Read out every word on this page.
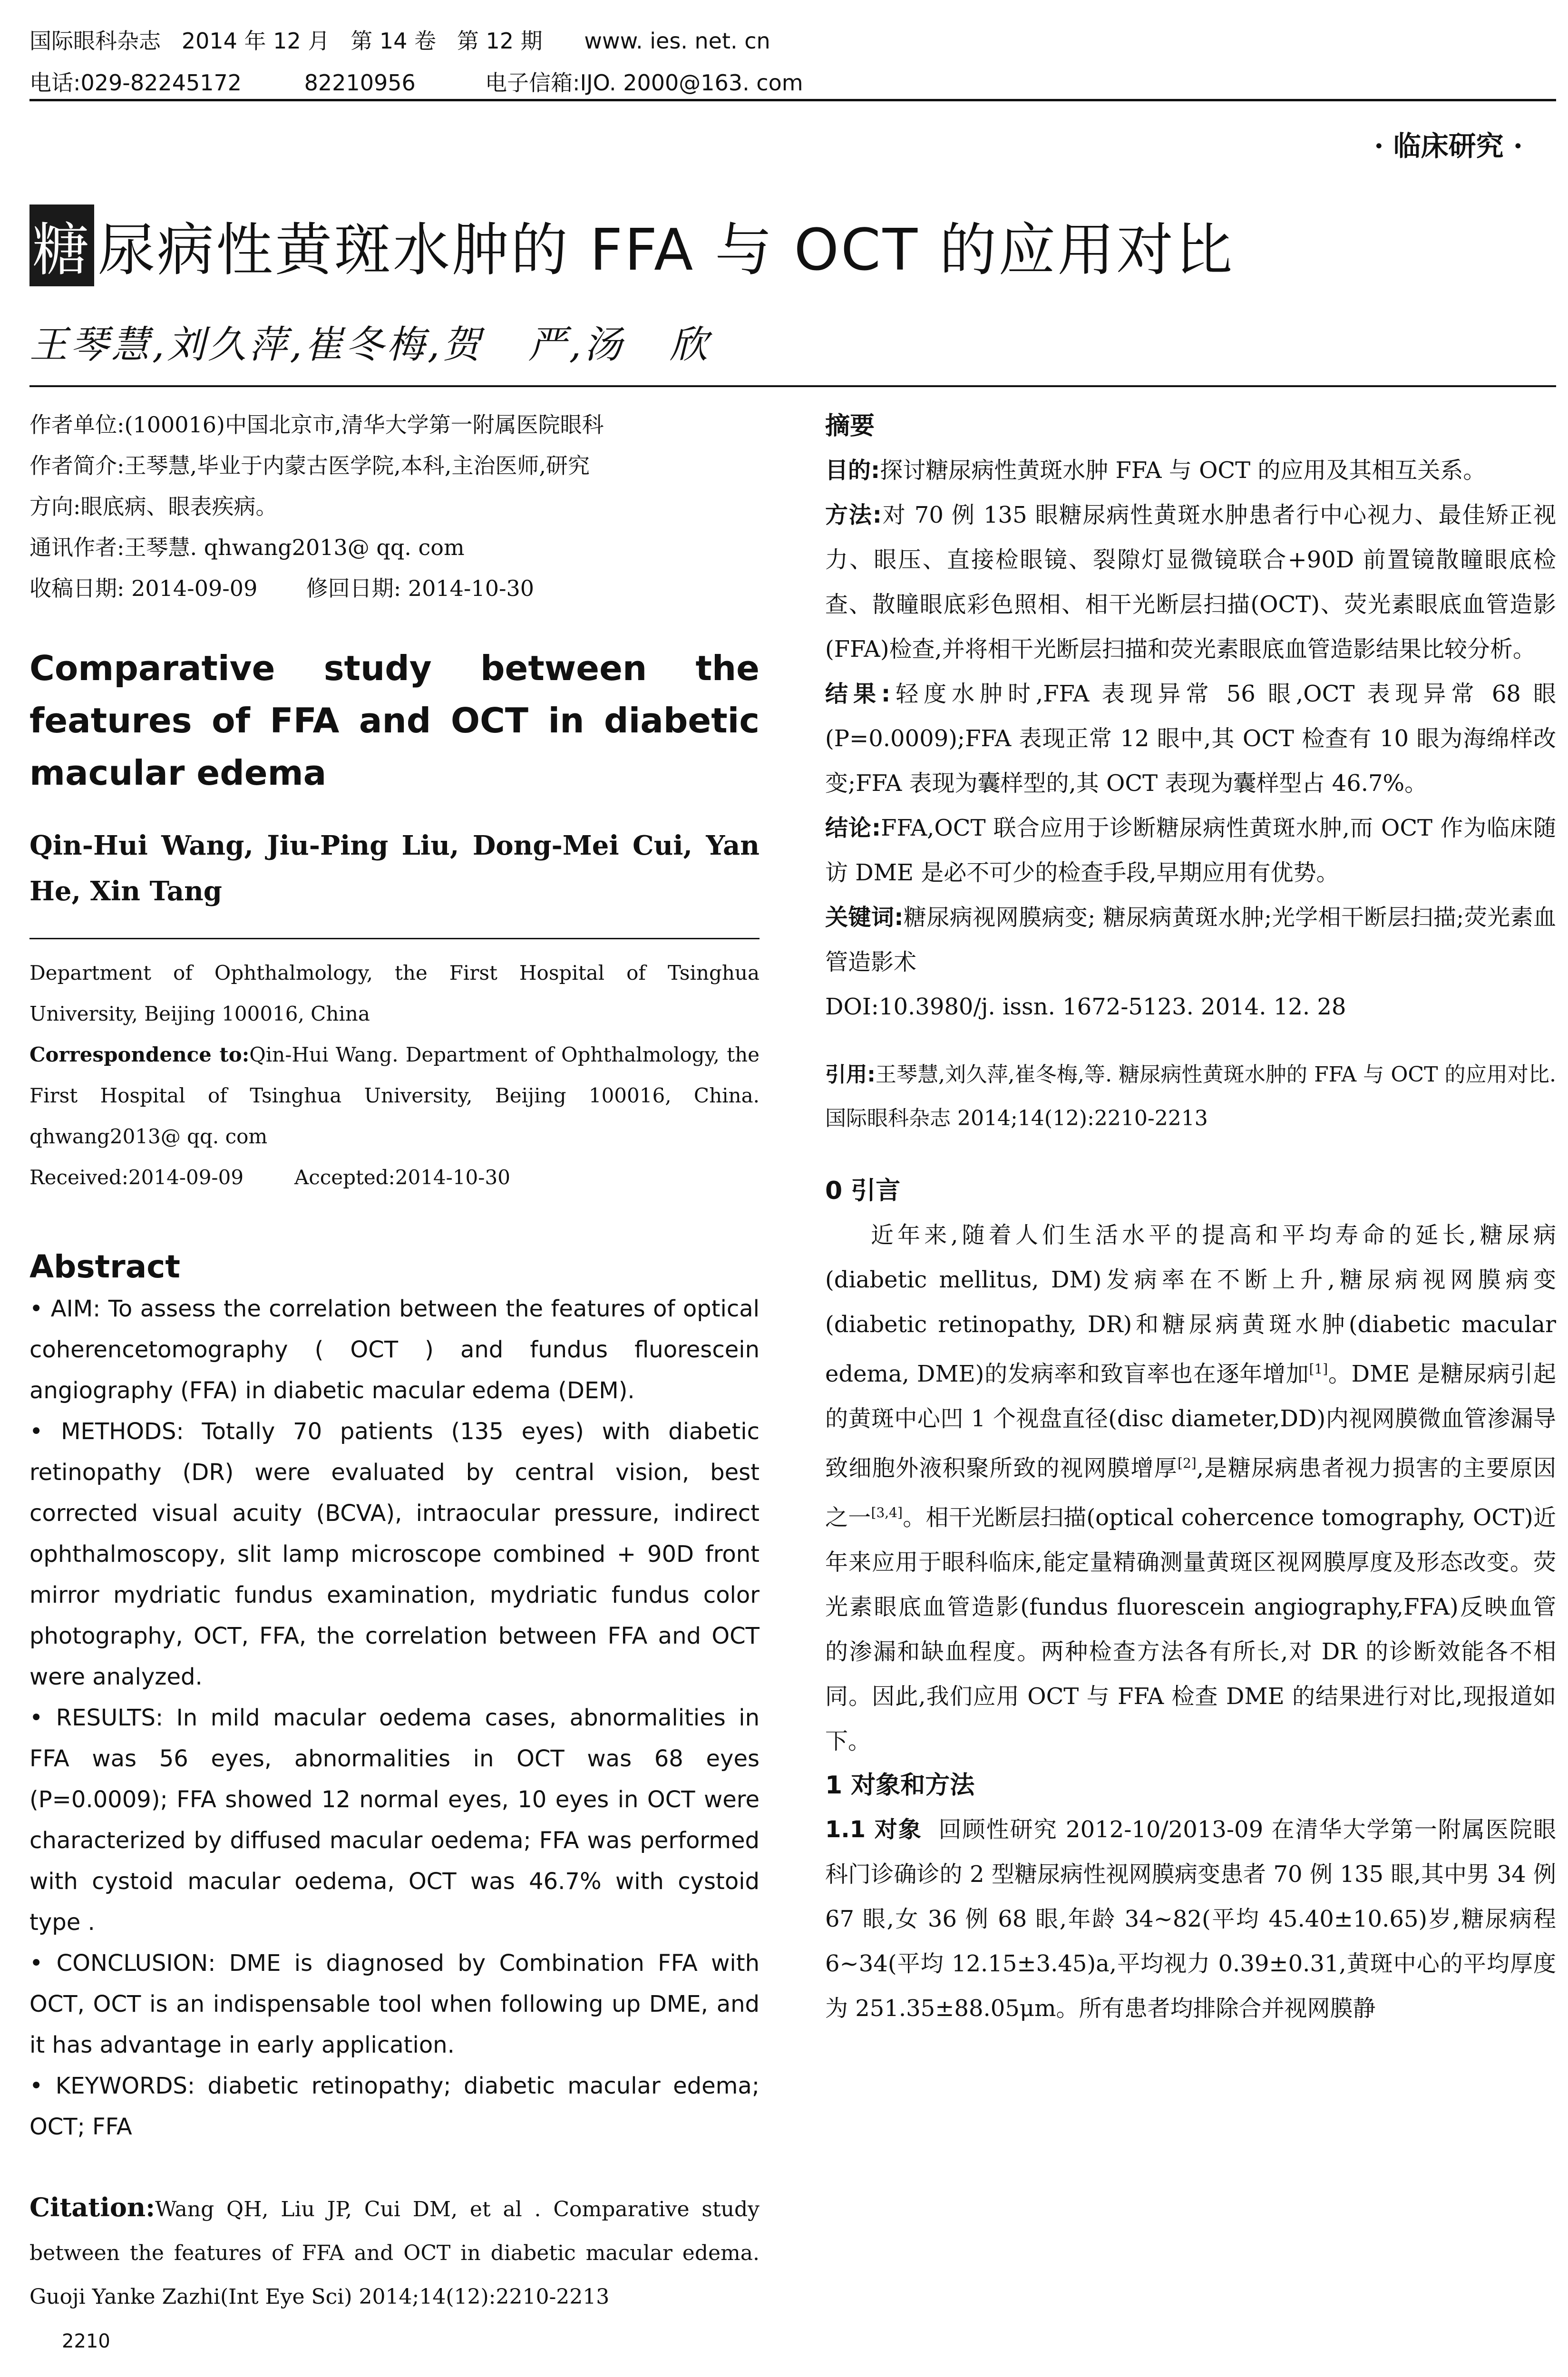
国际眼科杂志   2014 年 12 月   第 14 卷   第 12 期      www. ies. net. cn
电话:029-82245172         82210956          电子信箱:IJO. 2000@163. com
· 临床研究 ·
糖 尿病性黄斑水肿的 FFA 与 OCT 的应用对比
王琴慧,刘久萍,崔冬梅,贺   严,汤   欣
作者单位:(100016)中国北京市,清华大学第一附属医院眼科
作者简介:王琴慧,毕业于内蒙古医学院,本科,主治医师,研究
方向:眼底病、眼表疾病。
通讯作者:王琴慧. qhwang2013@ qq. com
收稿日期: 2014-09-09       修回日期: 2014-10-30
Comparative study between the features of FFA and OCT in diabetic macular edema
Qin-Hui Wang, Jiu-Ping Liu, Dong-Mei Cui, Yan He, Xin Tang
Department of Ophthalmology, the First Hospital of Tsinghua University, Beijing 100016, China
Correspondence to:Qin-Hui Wang. Department of Ophthalmology, the First Hospital of Tsinghua University, Beijing 100016, China. qhwang2013@ qq. com
Received:2014-09-09        Accepted:2014-10-30
Abstract
• AIM: To assess the correlation between the features of optical coherencetomography ( OCT ) and fundus fluorescein angiography (FFA) in diabetic macular edema (DEM).
• METHODS: Totally 70 patients (135 eyes) with diabetic retinopathy (DR) were evaluated by central vision, best corrected visual acuity (BCVA), intraocular pressure, indirect ophthalmoscopy, slit lamp microscope combined + 90D front mirror mydriatic fundus examination, mydriatic fundus color photography, OCT, FFA, the correlation between FFA and OCT were analyzed.
• RESULTS: In mild macular oedema cases, abnormalities in FFA was 56 eyes, abnormalities in OCT was 68 eyes (P=0.0009); FFA showed 12 normal eyes, 10 eyes in OCT were characterized by diffused macular oedema; FFA was performed with cystoid macular oedema, OCT was 46.7% with cystoid type .
• CONCLUSION: DME is diagnosed by Combination FFA with OCT, OCT is an indispensable tool when following up DME, and it has advantage in early application.
• KEYWORDS: diabetic retinopathy; diabetic macular edema; OCT; FFA
Citation:Wang QH, Liu JP, Cui DM, et al . Comparative study between the features of FFA and OCT in diabetic macular edema. Guoji Yanke Zazhi(Int Eye Sci) 2014;14(12):2210-2213
2210
摘要
目的:探讨糖尿病性黄斑水肿 FFA 与 OCT 的应用及其相互关系。
方法:对 70 例 135 眼糖尿病性黄斑水肿患者行中心视力、最佳矫正视力、眼压、直接检眼镜、裂隙灯显微镜联合+90D 前置镜散瞳眼底检查、散瞳眼底彩色照相、相干光断层扫描(OCT)、荧光素眼底血管造影(FFA)检查,并将相干光断层扫描和荧光素眼底血管造影结果比较分析。
结果:轻度水肿时,FFA 表现异常 56 眼,OCT 表现异常 68 眼(P=0.0009);FFA 表现正常 12 眼中,其 OCT 检查有 10 眼为海绵样改变;FFA 表现为囊样型的,其 OCT 表现为囊样型占 46.7%。
结论:FFA,OCT 联合应用于诊断糖尿病性黄斑水肿,而 OCT 作为临床随访 DME 是必不可少的检查手段,早期应用有优势。
关键词:糖尿病视网膜病变; 糖尿病黄斑水肿;光学相干断层扫描;荧光素血管造影术
DOI:10.3980/j. issn. 1672-5123. 2014. 12. 28
引用:王琴慧,刘久萍,崔冬梅,等. 糖尿病性黄斑水肿的 FFA 与 OCT 的应用对比. 国际眼科杂志 2014;14(12):2210-2213
0 引言
近年来,随着人们生活水平的提高和平均寿命的延长,糖尿病(diabetic mellitus, DM)发病率在不断上升,糖尿病视网膜病变(diabetic retinopathy, DR)和糖尿病黄斑水肿(diabetic macular edema, DME)的发病率和致盲率也在逐年增加[1]。DME 是糖尿病引起的黄斑中心凹 1 个视盘直径(disc diameter,DD)内视网膜微血管渗漏导致细胞外液积聚所致的视网膜增厚[2],是糖尿病患者视力损害的主要原因之一[3,4]。相干光断层扫描(optical cohercence tomography, OCT)近年来应用于眼科临床,能定量精确测量黄斑区视网膜厚度及形态改变。荧光素眼底血管造影(fundus fluorescein angiography,FFA)反映血管的渗漏和缺血程度。两种检查方法各有所长,对 DR 的诊断效能各不相同。因此,我们应用 OCT 与 FFA 检查 DME 的结果进行对比,现报道如下。
1 对象和方法
1.1 对象  回顾性研究 2012-10/2013-09 在清华大学第一附属医院眼科门诊确诊的 2 型糖尿病性视网膜病变患者 70 例 135 眼,其中男 34 例 67 眼,女 36 例 68 眼,年龄 34~82(平均 45.40±10.65)岁,糖尿病程 6~34(平均 12.15±3.45)a,平均视力 0.39±0.31,黄斑中心的平均厚度为 251.35±88.05μm。所有患者均排除合并视网膜静
